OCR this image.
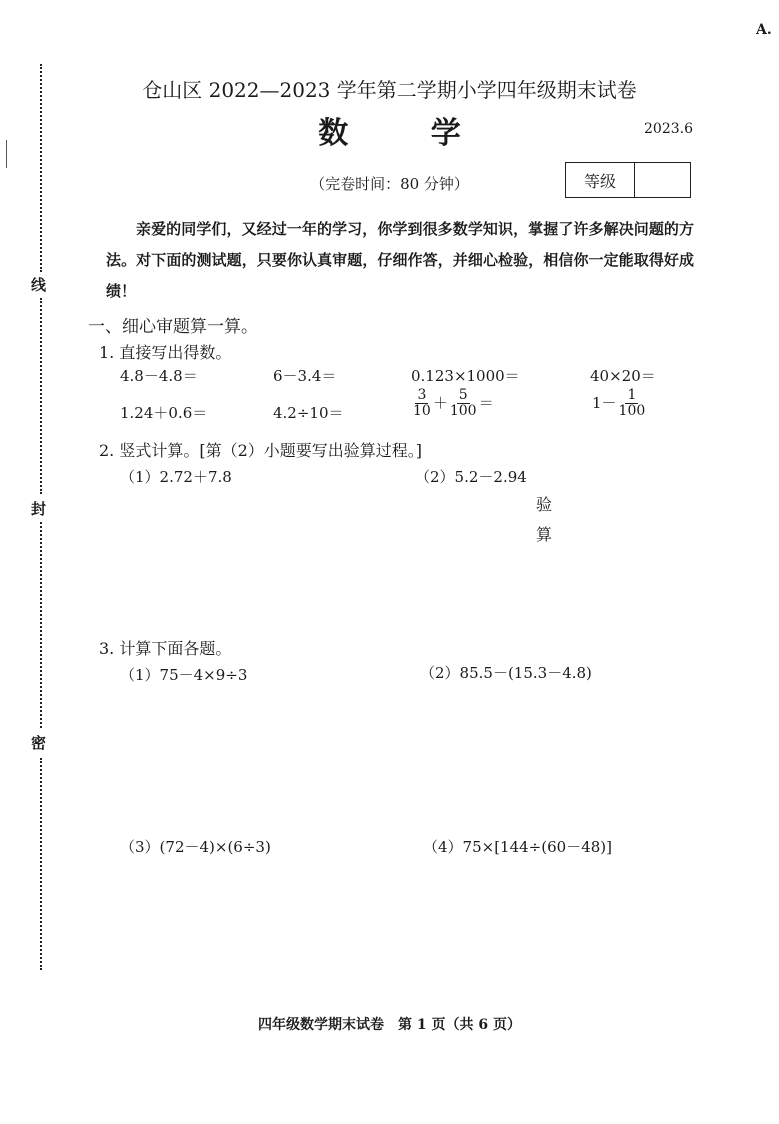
线
封
密
A.
仓山区 2022—2023 学年第二学期小学四年级期末试卷
数 学	2023.6
（完卷时间：80 分钟）	等级
亲爱的同学们，又经过一年的学习，你学到很多数学知识，掌握了许多解决问题的方法。对下面的测试题，只要你认真审题，仔细作答，并细心检验，相信你一定能取得好成绩！
一、细心审题算一算。
1. 直接写出得数。
4.8－4.8＝	6－3.4＝	0.123×1000＝	40×20＝
1.24＋0.6＝	4.2÷10＝	$\frac{3}{10} + \frac{5}{100}$ ＝	$1- \frac{1}{100}$
2. 竖式计算。[第（2）小题要写出验算过程。]
（1）2.72＋7.8	（2）5.2－2.94
验
算
3. 计算下面各题。
（1）75－4×9÷3	（2）85.5－(15.3－4.8)
（3）(72－4)×(6÷3)	（4）75×[144÷(60－48)]
四年级数学期末试卷　第 1 页（共 6 页）
